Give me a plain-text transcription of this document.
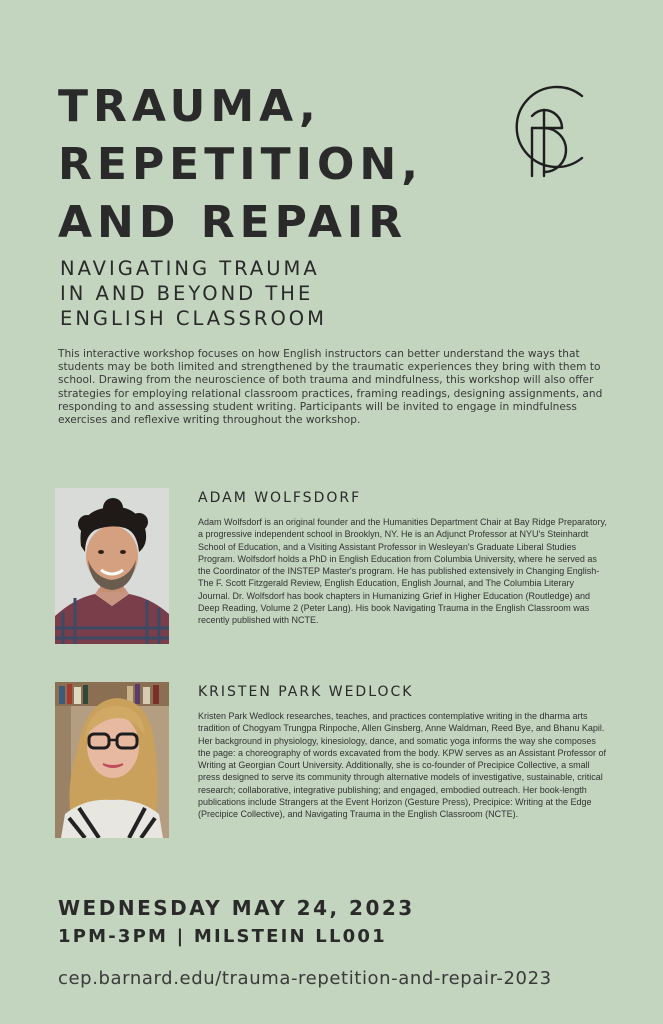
TRAUMA,
REPETITION,
AND REPAIR
NAVIGATING TRAUMA
IN AND BEYOND THE
ENGLISH CLASSROOM

This interactive workshop focuses on how English instructors can better understand the ways that students may be both limited and strengthened by the traumatic experiences they bring with them to school. Drawing from the neuroscience of both trauma and mindfulness, this workshop will also offer strategies for employing relational classroom practices, framing readings, designing assignments, and responding to and assessing student writing. Participants will be invited to engage in mindfulness exercises and reflexive writing throughout the workshop.

ADAM WOLFSDORF

Adam Wolfsdorf is an original founder and the Humanities Department Chair at Bay Ridge Preparatory, a progressive independent school in Brooklyn, NY. He is an Adjunct Professor at NYU's Steinhardt School of Education, and a Visiting Assistant Professor in Wesleyan's Graduate Liberal Studies Program. Wolfsdorf holds a PhD in English Education from Columbia University, where he served as the Coordinator of the INSTEP Master's program. He has published extensively in Changing English- The F. Scott Fitzgerald Review, English Education, English Journal, and The Columbia Literary Journal. Dr. Wolfsdorf has book chapters in Humanizing Grief in Higher Education (Routledge) and Deep Reading, Volume 2 (Peter Lang). His book Navigating Trauma in the English Classroom was recently published with NCTE.

KRISTEN PARK WEDLOCK

Kristen Park Wedlock researches, teaches, and practices contemplative writing in the dharma arts tradition of Chogyam Trungpa Rinpoche, Allen Ginsberg, Anne Waldman, Reed Bye, and Bhanu Kapil. Her background in physiology, kinesiology, dance, and somatic yoga informs the way she composes the page: a choreography of words excavated from the body. KPW serves as an Assistant Professor of Writing at Georgian Court University. Additionally, she is co-founder of Precipice Collective, a small press designed to serve its community through alternative models of investigative, sustainable, critical research; collaborative, integrative publishing; and engaged, embodied outreach. Her book-length publications include Strangers at the Event Horizon (Gesture Press), Precipice: Writing at the Edge (Precipice Collective), and Navigating Trauma in the English Classroom (NCTE).

WEDNESDAY MAY 24, 2023
1PM-3PM | MILSTEIN LL001
cep.barnard.edu/trauma-repetition-and-repair-2023
